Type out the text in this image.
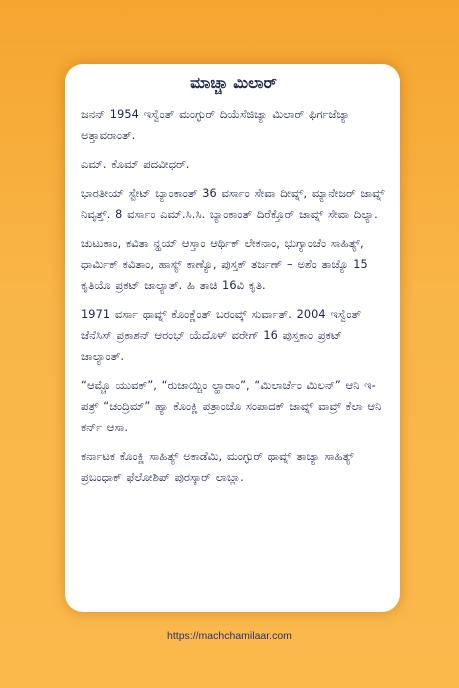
ಮಾಚ್ಚಾ ಮಿಲಾರ್

ಜನನ್ 1954 ಇಸ್ವೆಂತ್ ಮಂಗ್ಳುರ್ ದಿಯೆಸೆಜಿಚ್ಯಾ ಮಿಲಾರ್ ಫಿರ್ಗಜೆಚ್ಯಾ ಅತ್ತಾವರಾಂತ್.

ಎಮ್. ಕೊಮ್ ಪದವೀಧರ್.

ಭಾರತೀಯ್ ಸ್ಟೇಟ್ ಬ್ಯಾಂಕಾಂತ್ 36 ವರ್ಸಾಂ ಸೇವಾ ದೀವ್ನ್, ಮ್ಯಾನೇಜರ್ ಜಾವ್ನ್ ನಿವೃತ್ತ್. 8 ವರ್ಸಾಂ ಎಮ್.ಸಿ.ಸಿ. ಬ್ಯಾಂಕಾಂತ್ ದಿರೆಕ್ತೊರ್ ಜಾವ್ನ್ ಸೇವಾ ದಿಲ್ಯಾ.

ಚುಟುಕಾಂ, ಕವಿತಾ ನ್ಹಯ್ ಆಸ್ತಾಂ ಆರ್ಥಿಕ್ ಲೇಕನಾಂ, ಭುಗ್ಯಾಂಚೆಂ ಸಾಹಿತ್ಯ್, ಧಾರ್ಮಿಕ್ ಕವಿತಾಂ, ಹಾಸ್ಯ್ ಕಾಣ್ಯೊ, ಪುಸ್ತಕ್ ತರ್ಜಣ್ – ಅಶೆಂ ತಾಚ್ಯೊ 15 ಕೃತಿಯೊ ಪ್ರಕಟ್ ಜಾಲ್ಯಾತ್. ಹಿ ತಾಚಿ 16ವಿ ಕೃತಿ.

1971 ವರ್ಸಾ ಥಾವ್ನ್ ಕೊಂಕ್ಣೆಂತ್ ಬರಂವ್ಕ್ ಸುರ್ವಾತ್. 2004 ಇಸ್ವೆಂತ್ ಜೆನೆಸಿಸ್ ಪ್ರಕಾಶನ್ ಆರಂಭ್ ಯೆದೊಳ್ ವರೇಗ್ 16 ಪುಸ್ತಕಾಂ ಪ್ರಕಟ್ ಜಾಲ್ಯಾಂತ್.

“ಆಮ್ಚೊ ಯುವಕ್”, “ರುಜಾಯ್ಚಿಂ ಲ್ಹಾರಾಂ”, “ಮಿಲಾರ್ಚೆಂ ಮಿಲನ್” ಆನಿ ಇ-ಪತ್ರ್ “ಚಂದ್ರಿಮ್” ಹ್ಯಾ ಕೊಂಕ್ಣಿ ಪತ್ರಾಂಚೊ ಸಂಪಾದಕ್ ಜಾವ್ನ್ ವಾವ್ರ್ ಕೆಲಾ ಆನಿ ಕರ್ನ್ ಆಸಾ.

ಕರ್ನಾಟಕ ಕೊಂಕ್ಣಿ ಸಾಹಿತ್ಯ್ ಅಕಾಡೆಮಿ, ಮಂಗ್ಳುರ್ ಥಾವ್ನ್ ತಾಚ್ಯಾ ಸಾಹಿತ್ಯ್ ಪ್ರಬಂಧಾಕ್ ಫೆಲೋಶಿಪ್ ಪುರಸ್ಕಾರ್ ಲಾಬ್ಲಾ.

https://machchamilaar.com
